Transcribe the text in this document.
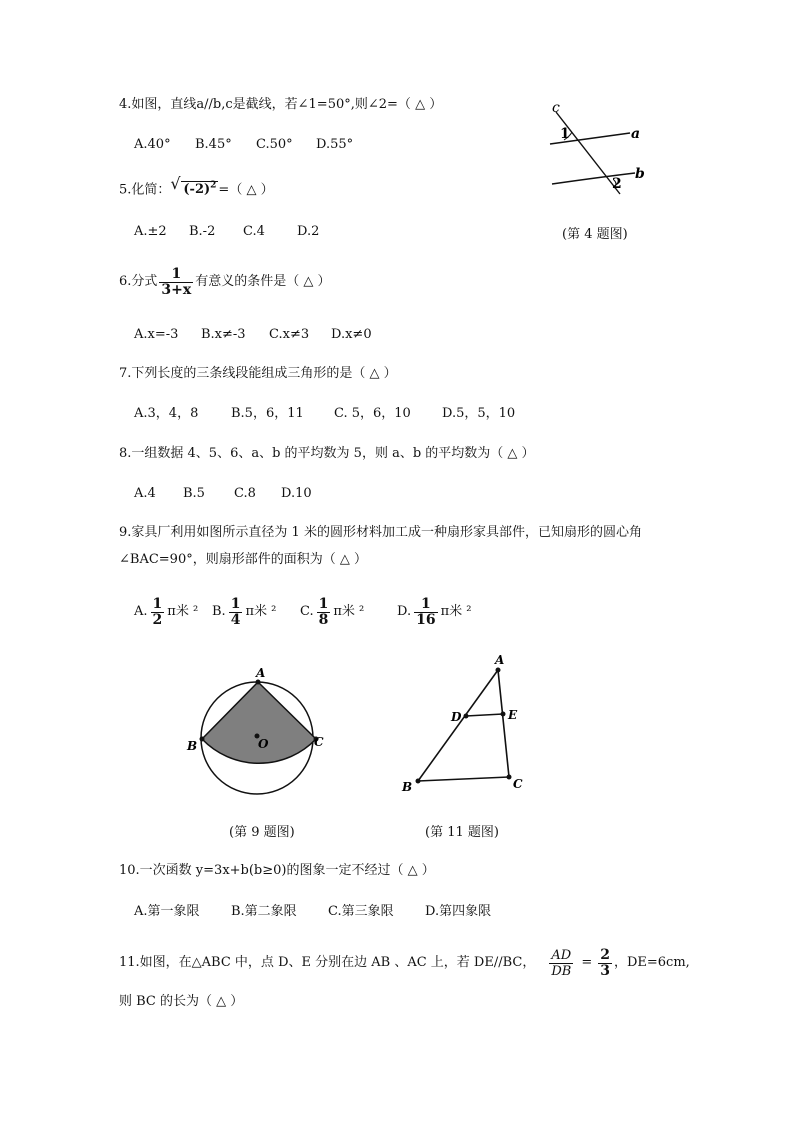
4.如图，直线a//b,c是截线，若∠1=50°,则∠2=（ △ ）
A.40° B.45° C.50° D.55°
c
a
b
1
2
(第 4 题图)
5.化简： √ $(-2)^2$ =（ △ ）
A.±2 B.-2 C.4 D.2
6.分式 $\frac{1}{3+x}$ 有意义的条件是（ △ ）
A.x=-3 B.x≠-3 C.x≠3 D.x≠0
7.下列长度的三条线段能组成三角形的是（ △ ）
A.3，4，8	B.5，6，11 C. 5，6，10 D.5，5，10
8.一组数据 4、5、6、a、b 的平均数为 5，则 a、b 的平均数为（ △ ）
A.4 B.5 C.8 D.10
9.家具厂利用如图所示直径为 1 米的圆形材料加工成一种扇形家具部件，已知扇形的圆心角
∠BAC=90°，则扇形部件的面积为（ △ ）
A. $\frac{1}{2}$ π米 ² B. $\frac{1}{4}$ π米 ² C. $\frac{1}{8}$ π米 ²	D. $\frac{1}{16}$ π米 ²
A
B	C
O
(第 9 题图)
A
B	C
D	E
(第 11 题图)
10.一次函数 y=3x+b(b≥0)的图象一定不经过（ △ ）
A.第一象限 B.第二象限 C.第三象限 D.第四象限
11.如图，在△ABC 中，点 D、E 分别在边 AB 、AC 上，若 DE//BC， $\frac{AD}{DB} = \frac{2}{3}$ ，DE=6cm,
则 BC 的长为（ △ ）
